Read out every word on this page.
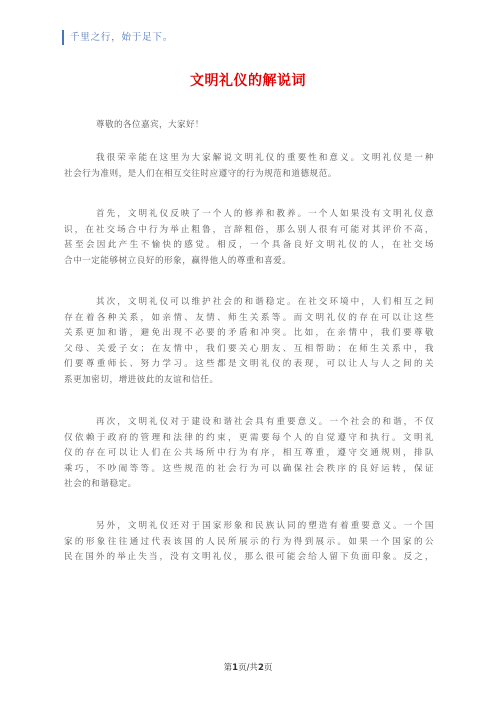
千里之行，始于足下。
文明礼仪的解说词
尊敬的各位嘉宾，大家好！
我很荣幸能在这里为大家解说文明礼仪的重要性和意义。文明礼仪是一种
社会行为准则，是人们在相互交往时应遵守的行为规范和道德规范。
首先，文明礼仪反映了一个人的修养和教养。一个人如果没有文明礼仪意
识，在社交场合中行为举止粗鲁，言辞粗俗，那么别人很有可能对其评价不高，
甚至会因此产生不愉快的感觉。相反，一个具备良好文明礼仪的人，在社交场
合中一定能够树立良好的形象，赢得他人的尊重和喜爱。
其次，文明礼仪可以维护社会的和谐稳定。在社交环境中，人们相互之间
存在着各种关系，如亲情、友情、师生关系等。而文明礼仪的存在可以让这些
关系更加和谐，避免出现不必要的矛盾和冲突。比如，在亲情中，我们要尊敬
父母、关爱子女；在友情中，我们要关心朋友、互相帮助；在师生关系中，我
们要尊重师长、努力学习。这些都是文明礼仪的表现，可以让人与人之间的关
系更加密切，增进彼此的友谊和信任。
再次，文明礼仪对于建设和谐社会具有重要意义。一个社会的和谐，不仅
仅依赖于政府的管理和法律的约束，更需要每个人的自觉遵守和执行。文明礼
仪的存在可以让人们在公共场所中行为有序，相互尊重，遵守交通规则，排队
乘巧，不吵闹等等。这些规范的社会行为可以确保社会秩序的良好运转，保证
社会的和谐稳定。
另外，文明礼仪还对于国家形象和民族认同的塑造有着重要意义。一个国
家的形象往往通过代表该国的人民所展示的行为得到展示。如果一个国家的公
民在国外的举止失当，没有文明礼仪，那么很可能会给人留下负面印象。反之，
第1页/共2页
